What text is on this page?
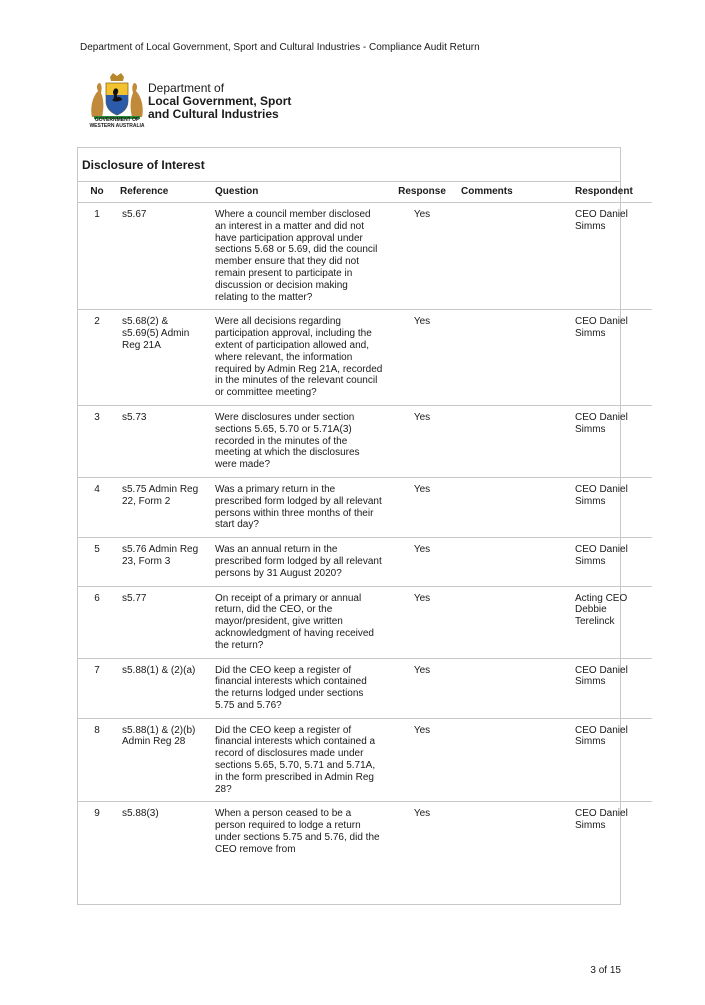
Department of Local Government, Sport and Cultural Industries - Compliance Audit Return
GOVERNMENT OF
WESTERN AUSTRALIA
Department of
Local Government, Sport
and Cultural Industries
Disclosure of Interest
No	Reference	Question	Response	Comments	Respondent
1	s5.67	Where a council member disclosed an interest in a matter and did not have participation approval under sections 5.68 or 5.69, did the council member ensure that they did not remain present to participate in discussion or decision making relating to the matter?	Yes		CEO Daniel Simms
2	s5.68(2) & s5.69(5) Admin Reg 21A	Were all decisions regarding participation approval, including the extent of participation allowed and, where relevant, the information required by Admin Reg 21A, recorded in the minutes of the relevant council or committee meeting?	Yes		CEO Daniel Simms
3	s5.73	Were disclosures under section sections 5.65, 5.70 or 5.71A(3) recorded in the minutes of the meeting at which the disclosures were made?	Yes		CEO Daniel Simms
4	s5.75 Admin Reg 22, Form 2	Was a primary return in the prescribed form lodged by all relevant persons within three months of their start day?	Yes		CEO Daniel Simms
5	s5.76 Admin Reg 23, Form 3	Was an annual return in the prescribed form lodged by all relevant persons by 31 August 2020?	Yes		CEO Daniel Simms
6	s5.77	On receipt of a primary or annual return, did the CEO, or the mayor/president, give written acknowledgment of having received the return?	Yes		Acting CEO Debbie Terelinck
7	s5.88(1) & (2)(a)	Did the CEO keep a register of financial interests which contained the returns lodged under sections 5.75 and 5.76?	Yes		CEO Daniel Simms
8	s5.88(1) & (2)(b) Admin Reg 28	Did the CEO keep a register of financial interests which contained a record of disclosures made under sections 5.65, 5.70, 5.71 and 5.71A, in the form prescribed in Admin Reg 28?	Yes		CEO Daniel Simms
9	s5.88(3)	When a person ceased to be a person required to lodge a return under sections 5.75 and 5.76, did the CEO remove from	Yes		CEO Daniel Simms
3 of 15
